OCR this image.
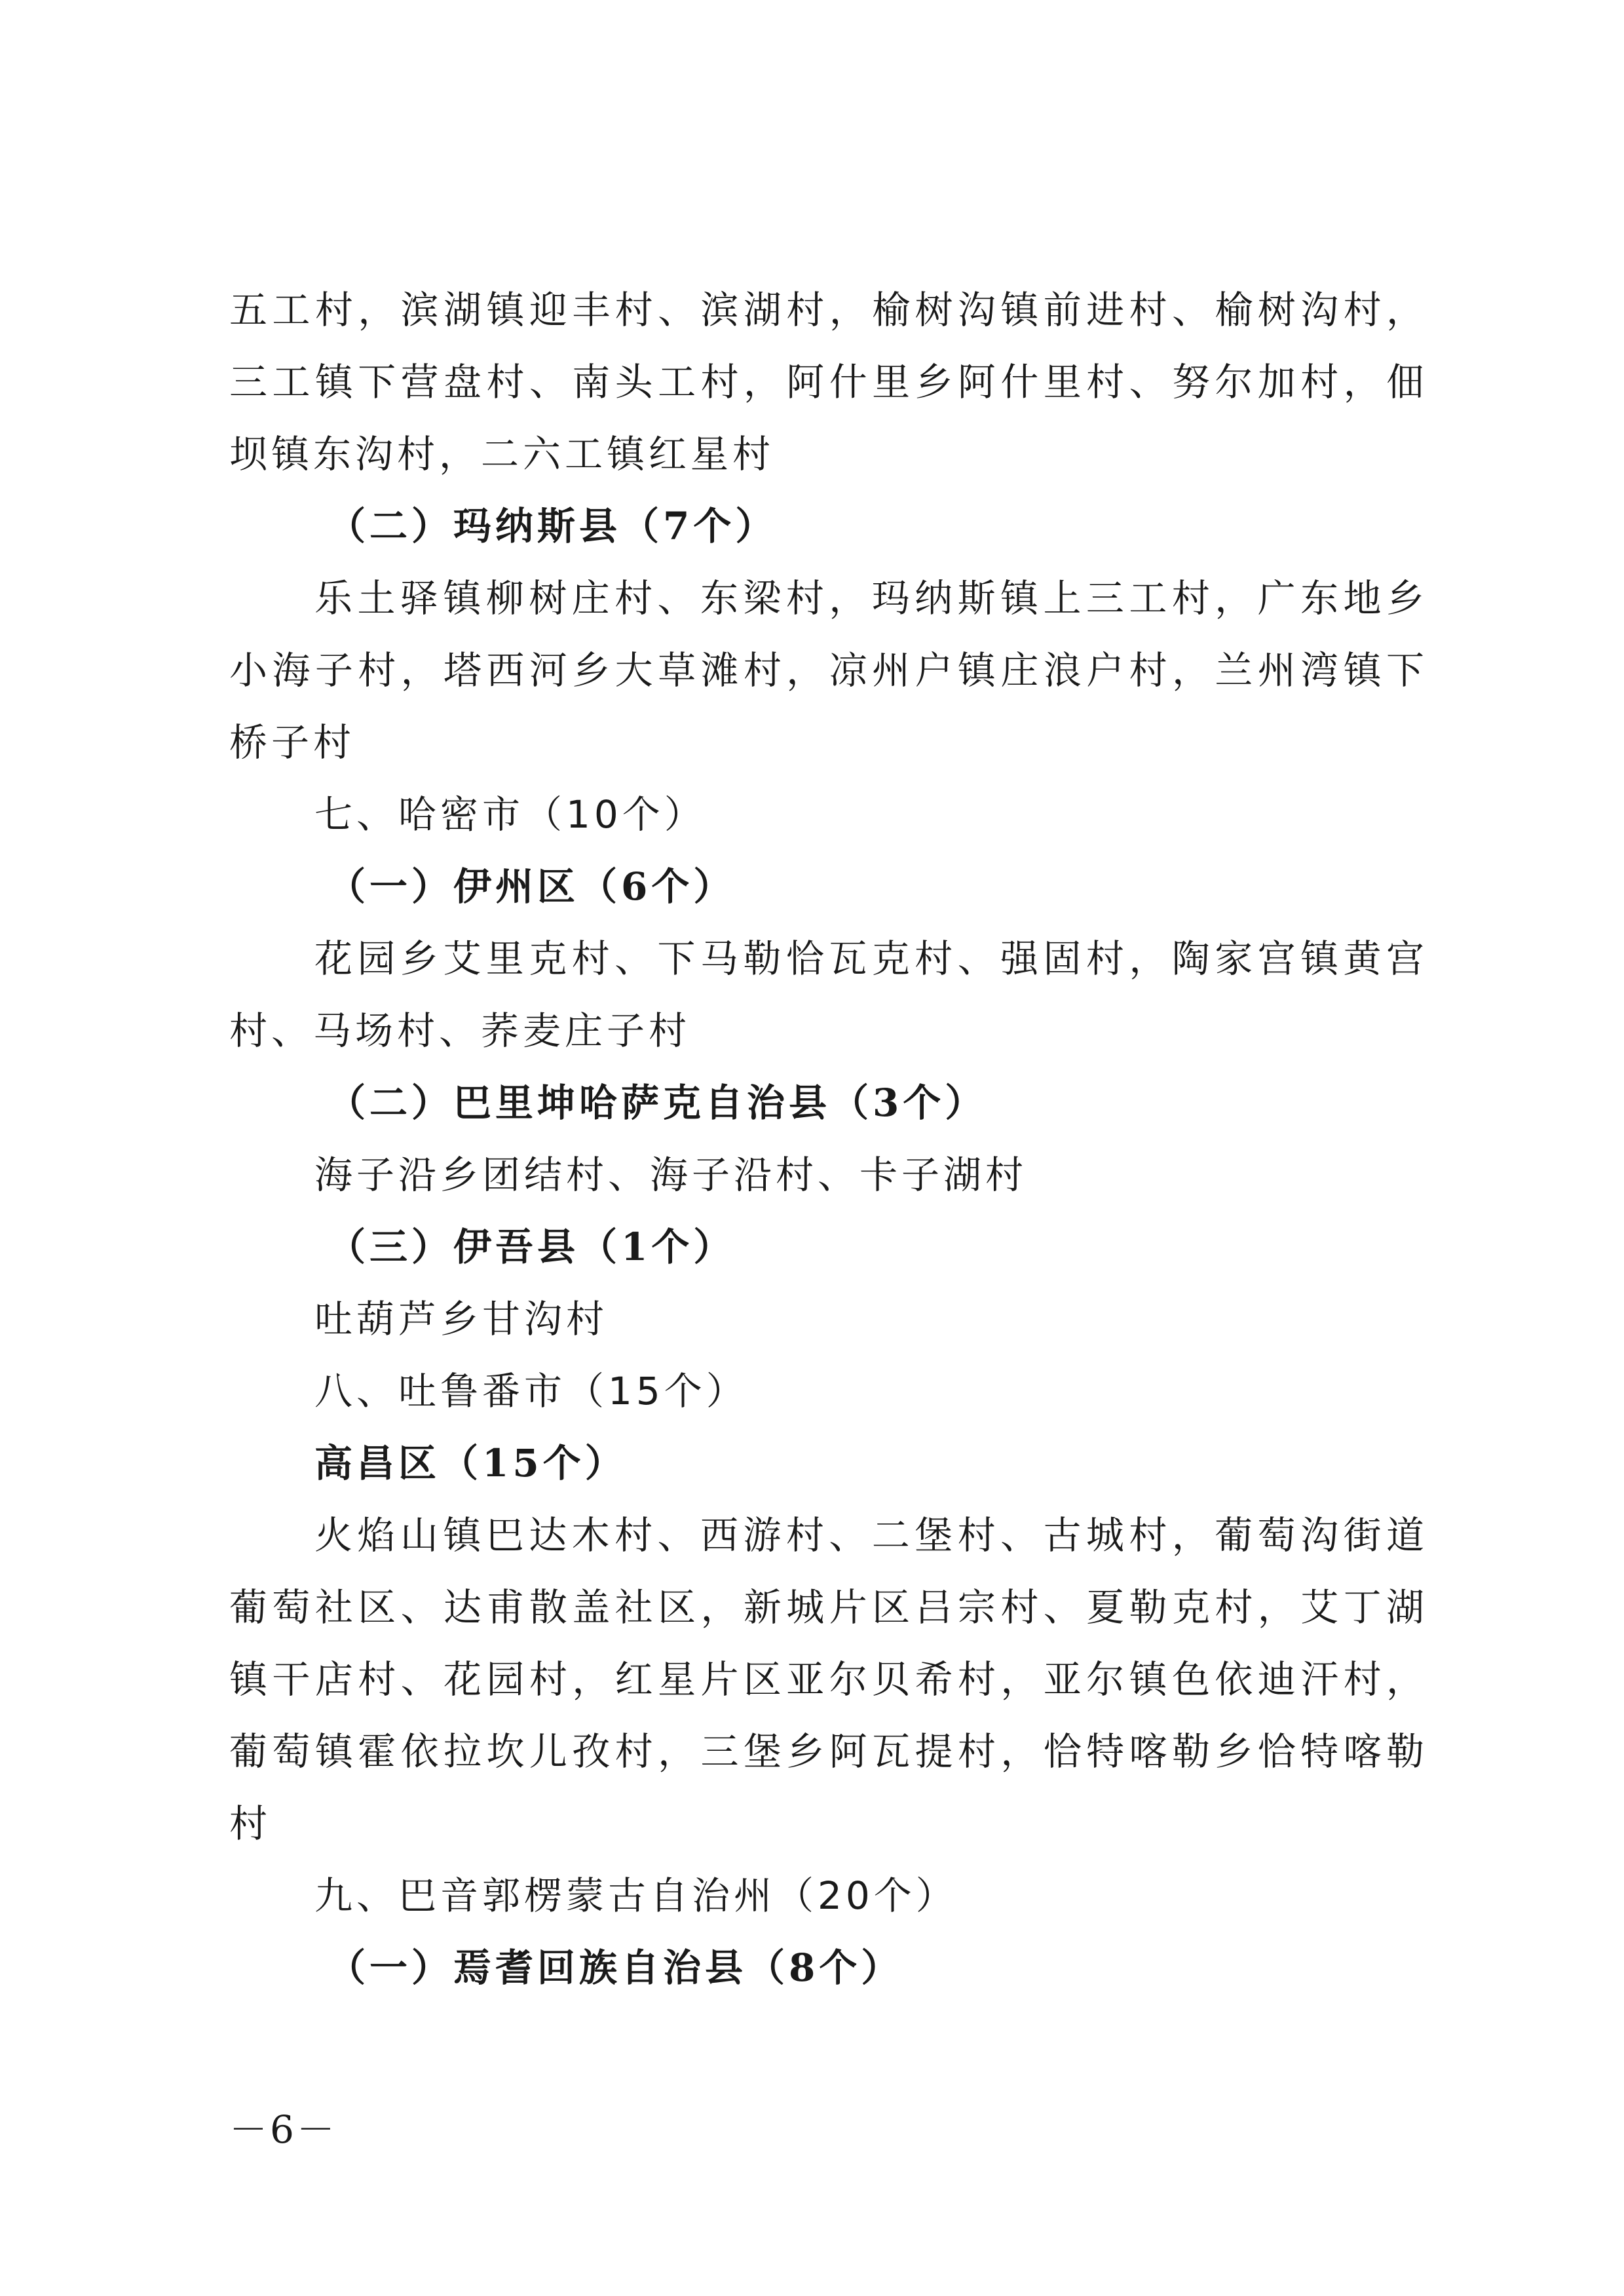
五工村，滨湖镇迎丰村、滨湖村，榆树沟镇前进村、榆树沟村，
三工镇下营盘村、南头工村，阿什里乡阿什里村、努尔加村，佃
坝镇东沟村，二六工镇红星村
（二）玛纳斯县（7个）
乐土驿镇柳树庄村、东梁村，玛纳斯镇上三工村，广东地乡
小海子村，塔西河乡大草滩村，凉州户镇庄浪户村，兰州湾镇下
桥子村
七、哈密市（10个）
（一）伊州区（6个）
花园乡艾里克村、下马勒恰瓦克村、强固村，陶家宫镇黄宫
村、马场村、荞麦庄子村
（二）巴里坤哈萨克自治县（3个）
海子沿乡团结村、海子沿村、卡子湖村
（三）伊吾县（1个）
吐葫芦乡甘沟村
八、吐鲁番市（15个）
高昌区（15个）
火焰山镇巴达木村、西游村、二堡村、古城村，葡萄沟街道
葡萄社区、达甫散盖社区，新城片区吕宗村、夏勒克村，艾丁湖
镇干店村、花园村，红星片区亚尔贝希村，亚尔镇色依迪汗村，
葡萄镇霍依拉坎儿孜村，三堡乡阿瓦提村，恰特喀勒乡恰特喀勒
村
九、巴音郭楞蒙古自治州（20个）
（一）焉耆回族自治县（8个）
－6－
